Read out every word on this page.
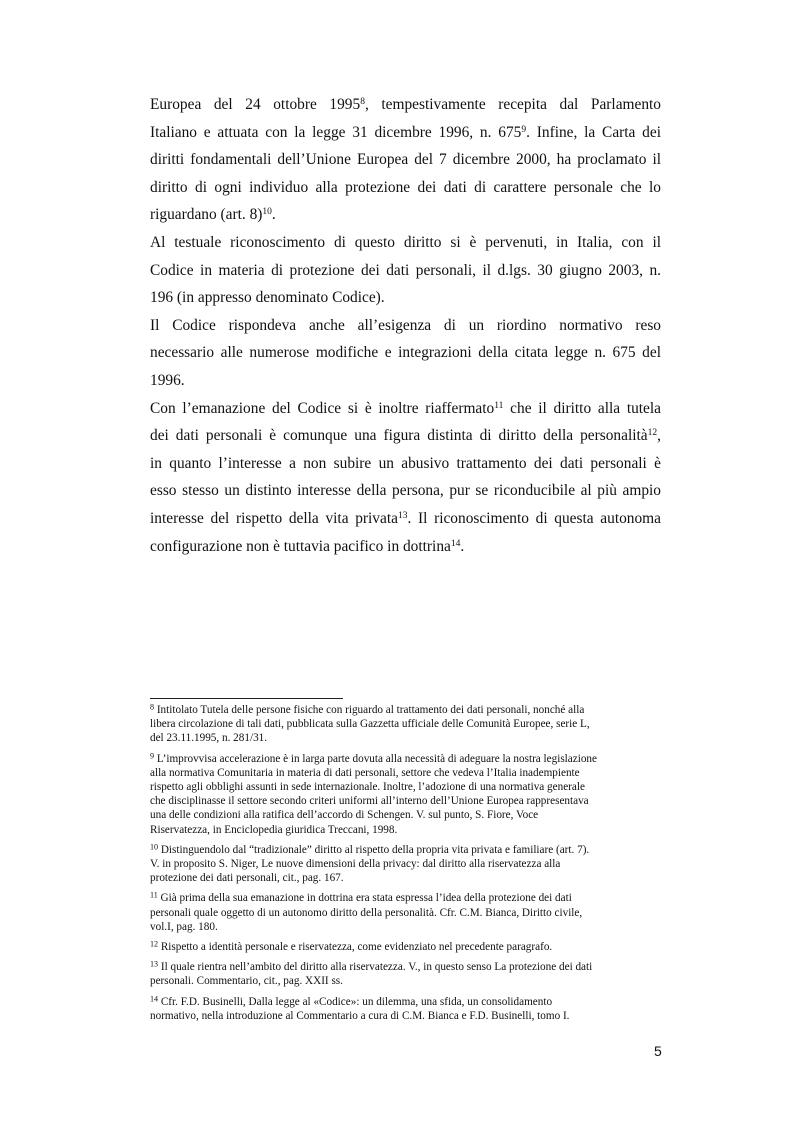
Europea del 24 ottobre 1995$^8$, tempestivamente recepita dal Parlamento
Italiano e attuata con la legge 31 dicembre 1996, n. $675^9$. Infine, la Carta dei
diritti fondamentali dell’Unione Europea del 7 dicembre 2000, ha proclamato il
diritto di ogni individuo alla protezione dei dati di carattere personale che lo
riguardano (art. 8)$^{10}$.
Al testuale riconoscimento di questo diritto si è pervenuti, in Italia, con il
Codice in materia di protezione dei dati personali, il d.lgs. 30 giugno 2003, n.
196 (in appresso denominato Codice).
Il Codice rispondeva anche all’esigenza di un riordino normativo reso
necessario alle numerose modifiche e integrazioni della citata legge n. 675 del
1996.
Con l’emanazione del Codice si è inoltre riaffermato$^{11}$ che il diritto alla tutela
dei dati personali è comunque una figura distinta di diritto della personalità$^{12}$,
in quanto l’interesse a non subire un abusivo trattamento dei dati personali è
esso stesso un distinto interesse della persona, pur se riconducibile al più ampio
interesse del rispetto della vita privata$^{13}$. Il riconoscimento di questa autonoma
configurazione non è tuttavia pacifico in dottrina$^{14}$.
$^8$ Intitolato Tutela delle persone fisiche con riguardo al trattamento dei dati personali, nonché alla
libera circolazione di tali dati, pubblicata sulla Gazzetta ufficiale delle Comunità Europee, serie L,
del 23.11.1995, n. 281/31.
$^9$ L’improvvisa accelerazione è in larga parte dovuta alla necessità di adeguare la nostra legislazione
alla normativa Comunitaria in materia di dati personali, settore che vedeva l’Italia inadempiente
rispetto agli obblighi assunti in sede internazionale. Inoltre, l’adozione di una normativa generale
che disciplinasse il settore secondo criteri uniformi all’interno dell’Unione Europea rappresentava
una delle condizioni alla ratifica dell’accordo di Schengen. V. sul punto, S. Fiore, Voce
Riservatezza, in Enciclopedia giuridica Treccani, 1998.
$^{10}$ Distinguendolo dal “tradizionale” diritto al rispetto della propria vita privata e familiare (art. 7).
V. in proposito S. Niger, Le nuove dimensioni della privacy: dal diritto alla riservatezza alla
protezione dei dati personali, cit., pag. 167.
$^{11}$ Già prima della sua emanazione in dottrina era stata espressa l’idea della protezione dei dati
personali quale oggetto di un autonomo diritto della personalità. Cfr. C.M. Bianca, Diritto civile,
vol.I, pag. 180.
$^{12}$ Rispetto a identità personale e riservatezza, come evidenziato nel precedente paragrafo.
$^{13}$ Il quale rientra nell’ambito del diritto alla riservatezza. V., in questo senso La protezione dei dati
personali. Commentario, cit., pag. XXII ss.
$^{14}$ Cfr. F.D. Businelli, Dalla legge al «Codice»: un dilemma, una sfida, un consolidamento
normativo, nella introduzione al Commentario a cura di C.M. Bianca e F.D. Businelli, tomo I.
5
